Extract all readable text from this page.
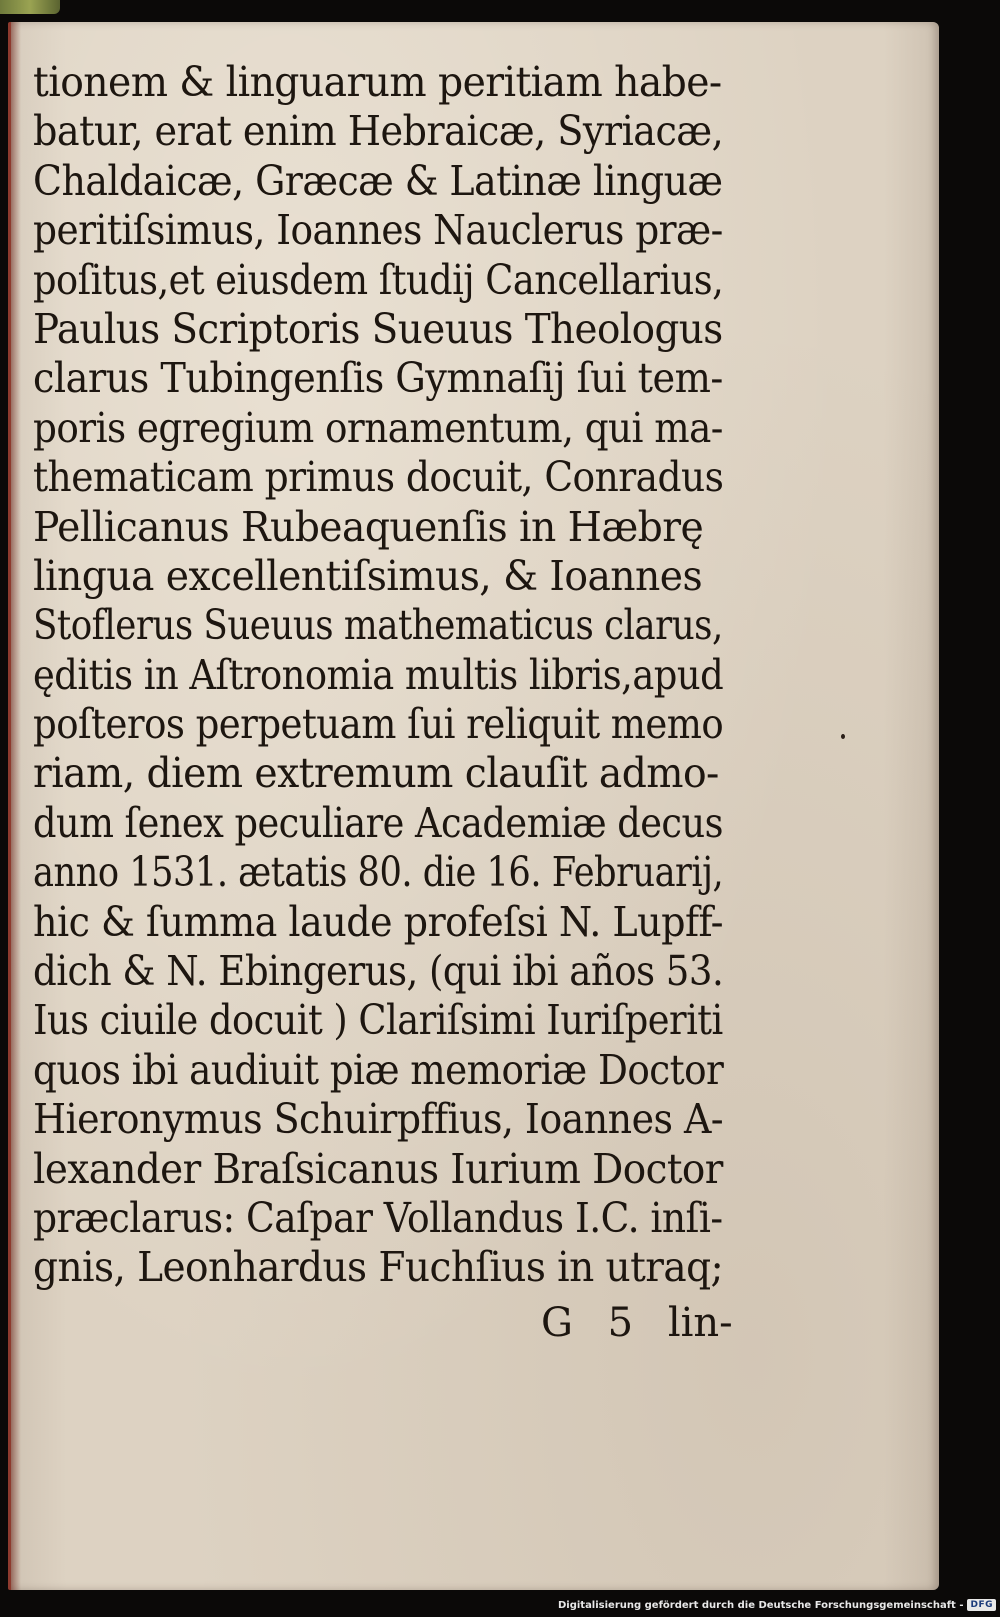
tionem & linguarum peritiam habe-
batur, erat enim Hebraicæ, Syriacæ,
Chaldaicæ, Græcæ & Latinæ linguæ
peritiſsimus, Ioannes Nauclerus præ-
poſitus,et eiusdem ſtudij Cancellarius,
Paulus Scriptoris Sueuus Theologus
clarus Tubingenſis Gymnaſij ſui tem-
poris egregium ornamentum, qui ma-
thematicam primus docuit, Conradus
Pellicanus Rubeaquenſis in Hæbrę
lingua excellentiſsimus, & Ioannes
Stoflerus Sueuus mathematicus clarus,
ęditis in Aſtronomia multis libris,apud
poſteros perpetuam ſui reliquit memo
riam, diem extremum clauſit admo-
dum ſenex peculiare Academiæ decus
anno 1531. ætatis 80. die 16. Februarij,
hic & ſumma laude profeſsi N. Lupff-
dich & N. Ebingerus, (qui ibi años 53.
Ius ciuile docuit ) Clariſsimi Iuriſperiti
quos ibi audiuit piæ memoriæ Doctor
Hieronymus Schuirpffius, Ioannes A-
lexander Braſsicanus Iurium Doctor
præclarus: Caſpar Vollandus I.C. inſi-
gnis, Leonhardus Fuchſius in utraq;
G 5 lin-
Digitalisierung gefördert durch die Deutsche Forschungsgemeinschaft - DFG
